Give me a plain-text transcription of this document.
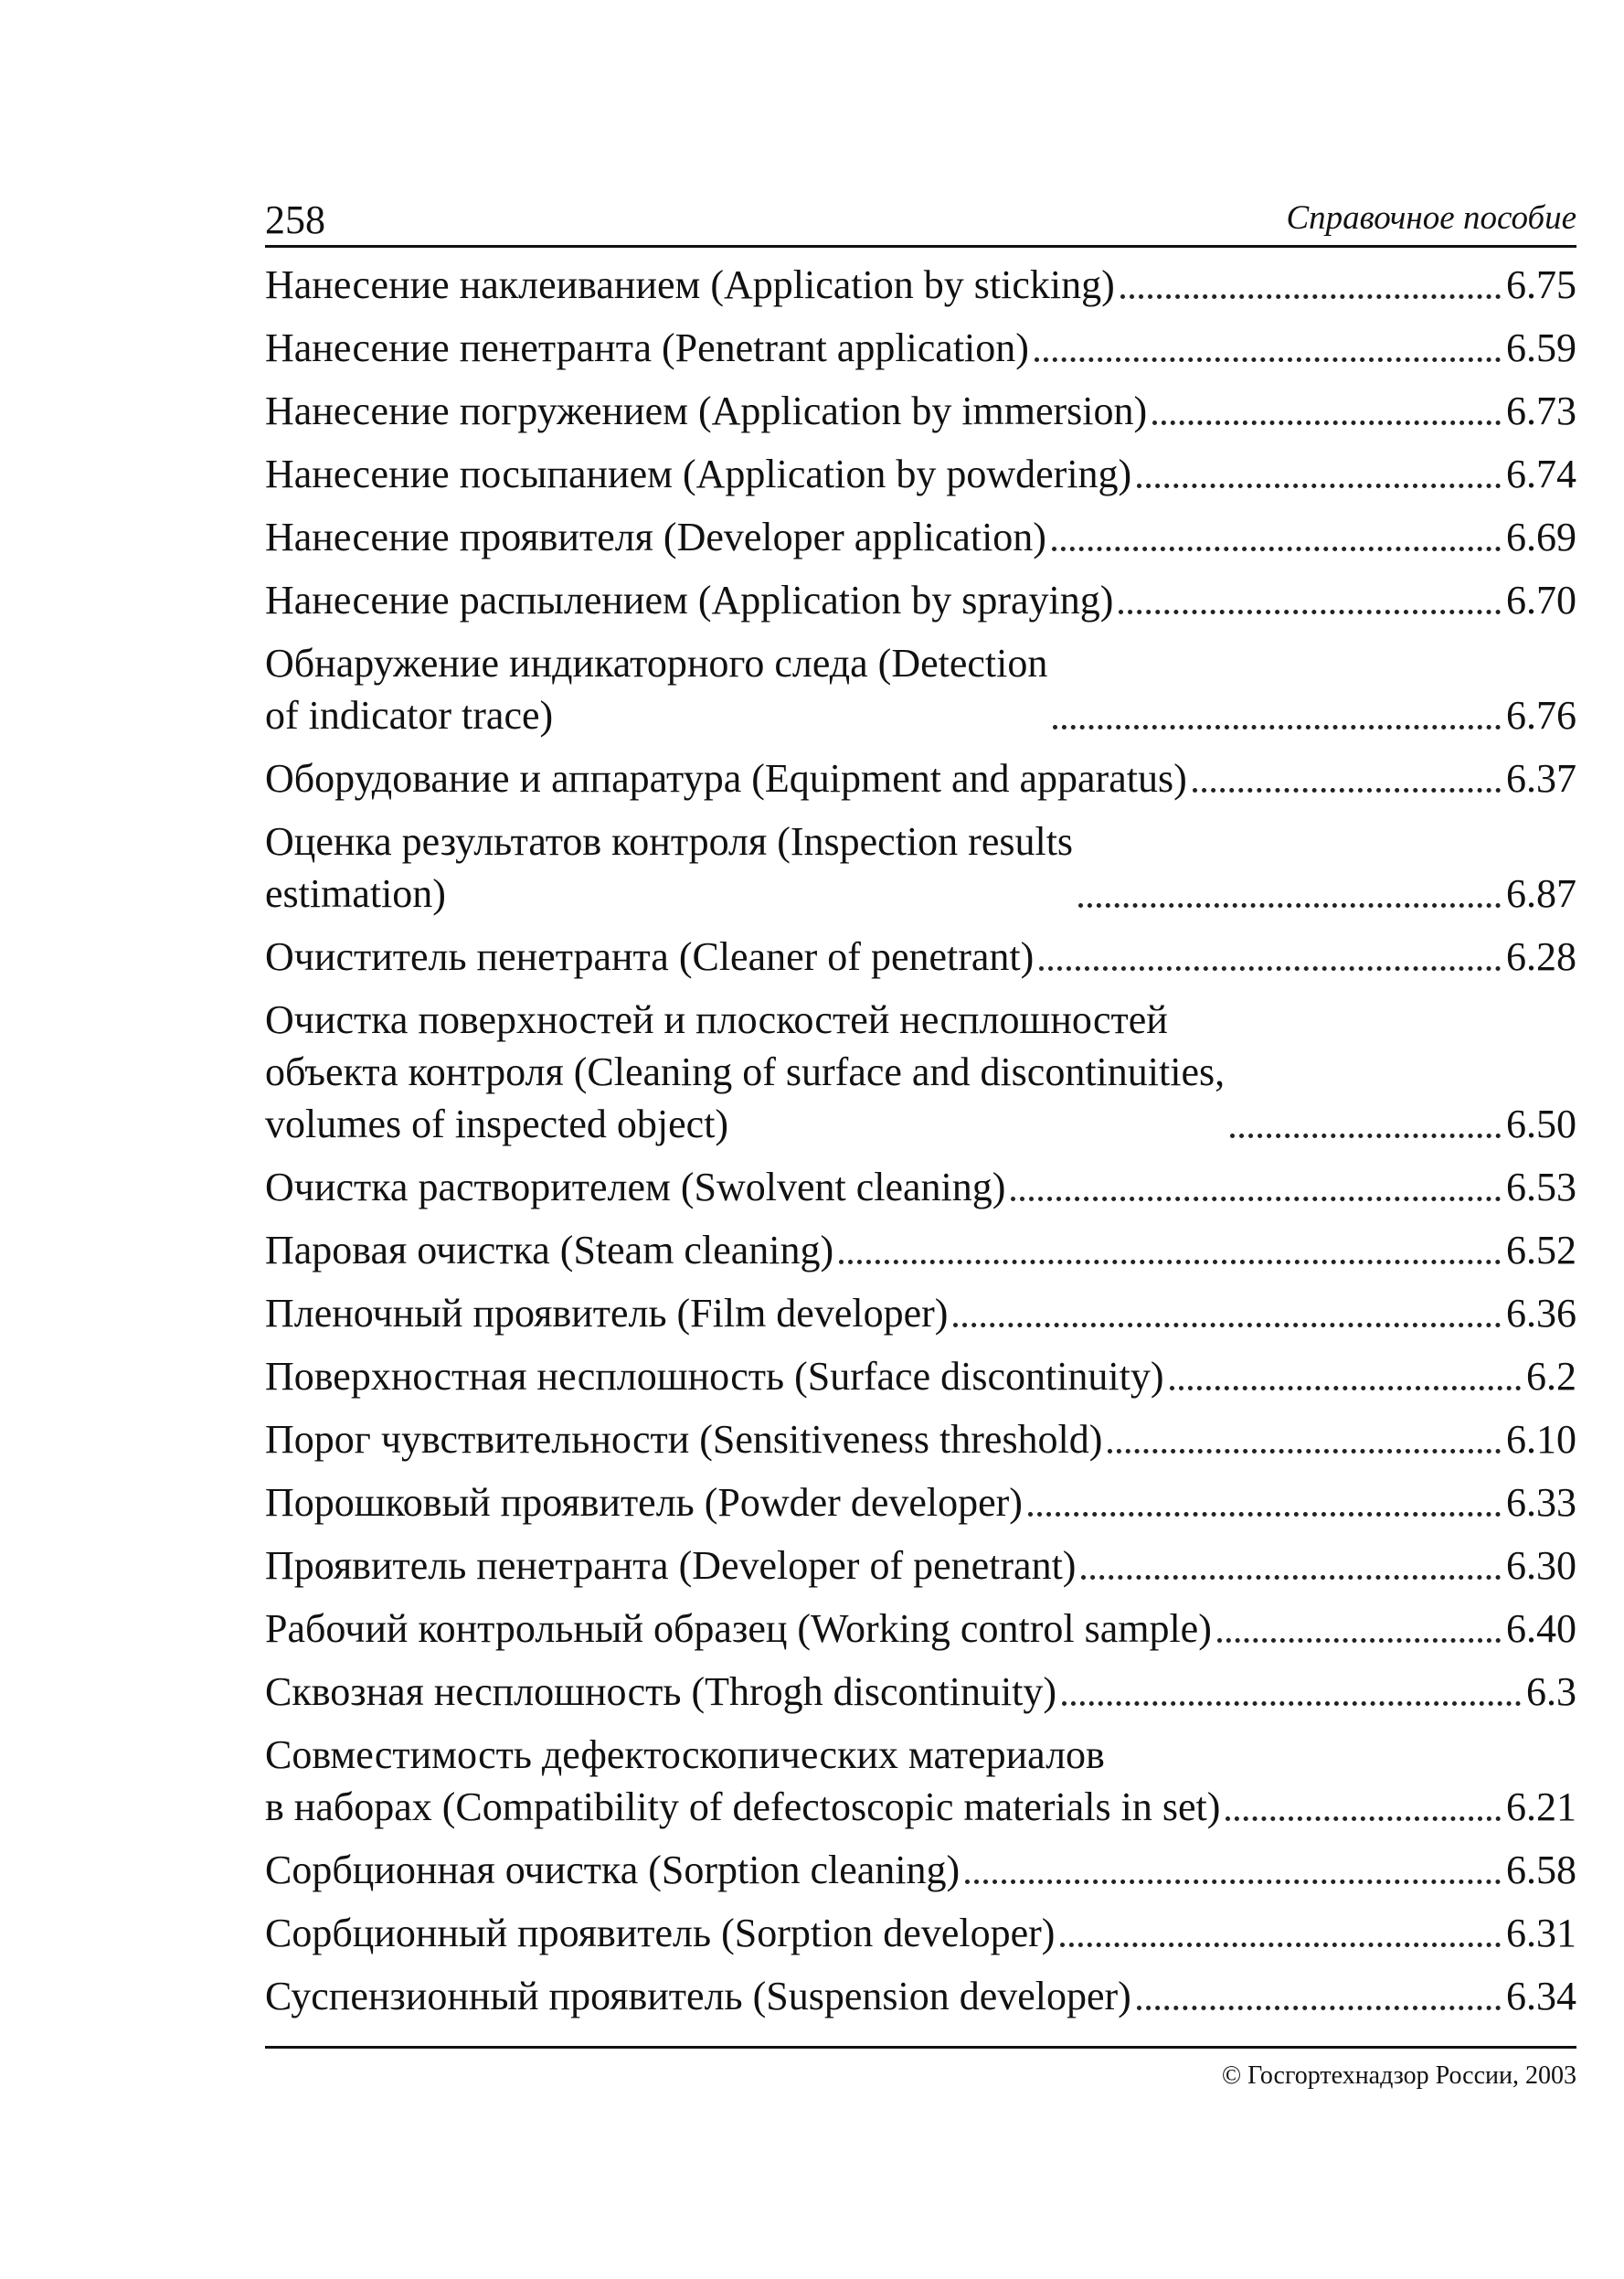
258	Справочное пособие
Нанесение наклеиванием (Application by sticking)	6.75
Нанесение пенетранта (Penetrant application)	6.59
Нанесение погружением (Application by immersion)	6.73
Нанесение посыпанием (Application by powdering)	6.74
Нанесение проявителя (Developer application)	6.69
Нанесение распылением (Application by spraying)	6.70
Обнаружение индикаторного следа (Detection
of indicator trace)	6.76
Оборудование и аппаратура (Equipment and apparatus)	6.37
Оценка результатов контроля (Inspection results
estimation)	6.87
Очиститель пенетранта (Cleaner of penetrant)	6.28
Очистка поверхностей и плоскостей несплошностей
объекта контроля (Cleaning of surface and discontinuities,
volumes of inspected object)	6.50
Очистка растворителем (Swolvent cleaning)	6.53
Паровая очистка (Steam cleaning)	6.52
Пленочный проявитель (Film developer)	6.36
Поверхностная несплошность (Surface discontinuity)	6.2
Порог чувствительности (Sensitiveness threshold)	6.10
Порошковый проявитель (Powder developer)	6.33
Проявитель пенетранта (Developer of penetrant)	6.30
Рабочий контрольный образец (Working control sample)	6.40
Сквозная несплошность (Throgh discontinuity)	6.3
Совместимость дефектоскопических материалов
в наборах (Compatibility of defectoscopic materials in set)	6.21
Сорбционная очистка (Sorption cleaning)	6.58
Сорбционный проявитель (Sorption developer)	6.31
Суспензионный проявитель (Suspension developer)	6.34
© Госгортехнадзор России, 2003
